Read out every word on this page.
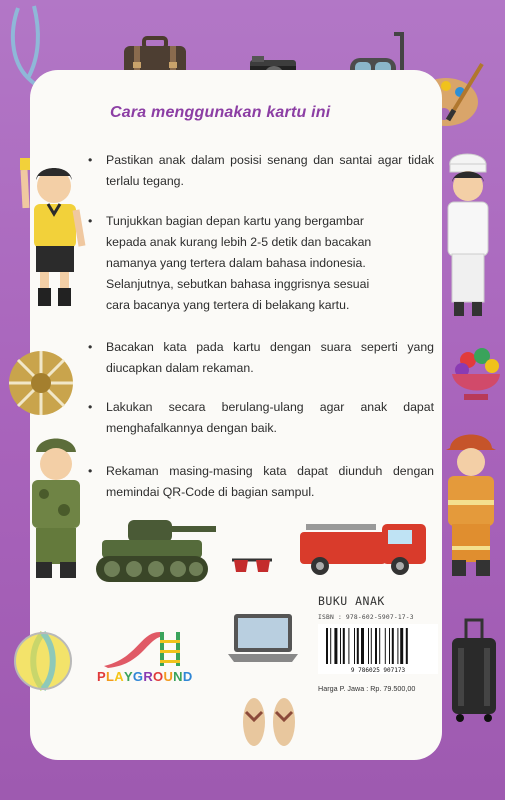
Cara menggunakan kartu ini
• Pastikan anak dalam posisi senang dan santai agar tidak terlalu tegang.
• Tunjukkan bagian depan kartu yang bergambar
kepada anak kurang lebih 2-5 detik dan bacakan
namanya yang tertera dalam bahasa indonesia.
Selanjutnya, sebutkan bahasa inggrisnya sesuai
cara bacanya yang tertera di belakang kartu.
• Bacakan kata pada kartu dengan suara seperti yang diucapkan dalam rekaman.
• Lakukan secara berulang-ulang agar anak dapat menghafalkannya dengan baik.
• Rekaman masing-masing kata dapat diunduh dengan memindai QR-Code di bagian sampul.
PLAYGROUND
BUKU ANAK
ISBN : 978-602-5907-17-3
9 786025 907173
Harga P. Jawa : Rp. 79.500,00
